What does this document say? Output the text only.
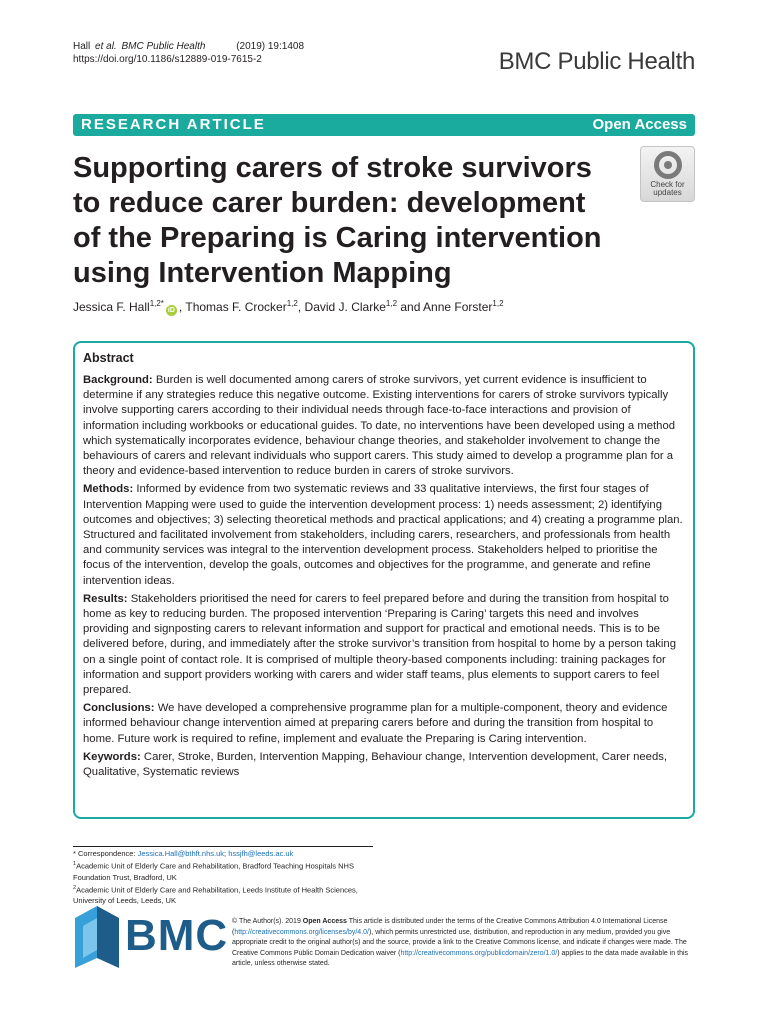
Hall et al. BMC Public Health	(2019) 19:1408
https://doi.org/10.1186/s12889-019-7615-2	BMC Public Health
RESEARCH ARTICLE	Open Access
Supporting carers of stroke survivors to reduce carer burden: development of the Preparing is Caring intervention using Intervention Mapping
Check for
updates
Jessica F. Hall$^{1,2*}$iD , Thomas F. Crocker$^{1,2}$, David J. Clarke$^{1,2}$ and Anne Forster$^{1,2}$
Abstract

Background: Burden is well documented among carers of stroke survivors, yet current evidence is insufficient to determine if any strategies reduce this negative outcome. Existing interventions for carers of stroke survivors typically involve supporting carers according to their individual needs through face-to-face interactions and provision of information including workbooks or educational guides. To date, no interventions have been developed using a method which systematically incorporates evidence, behaviour change theories, and stakeholder involvement to change the behaviours of carers and relevant individuals who support carers. This study aimed to develop a programme plan for a theory and evidence-based intervention to reduce burden in carers of stroke survivors.

Methods: Informed by evidence from two systematic reviews and 33 qualitative interviews, the first four stages of Intervention Mapping were used to guide the intervention development process: 1) needs assessment; 2) identifying outcomes and objectives; 3) selecting theoretical methods and practical applications; and 4) creating a programme plan. Structured and facilitated involvement from stakeholders, including carers, researchers, and professionals from health and community services was integral to the intervention development process. Stakeholders helped to prioritise the focus of the intervention, develop the goals, outcomes and objectives for the programme, and generate and refine intervention ideas.

Results: Stakeholders prioritised the need for carers to feel prepared before and during the transition from hospital to home as key to reducing burden. The proposed intervention ‘Preparing is Caring’ targets this need and involves providing and signposting carers to relevant information and support for practical and emotional needs. This is to be delivered before, during, and immediately after the stroke survivor’s transition from hospital to home by a person taking on a single point of contact role. It is comprised of multiple theory-based components including: training packages for information and support providers working with carers and wider staff teams, plus elements to support carers to feel prepared.

Conclusions: We have developed a comprehensive programme plan for a multiple-component, theory and evidence informed behaviour change intervention aimed at preparing carers before and during the transition from hospital to home. Future work is required to refine, implement and evaluate the Preparing is Caring intervention.

Keywords: Carer, Stroke, Burden, Intervention Mapping, Behaviour change, Intervention development, Carer needs, Qualitative, Systematic reviews

* Correspondence: Jessica.Hall@bthft.nhs.uk; hssjfh@leeds.ac.uk
$^1$Academic Unit of Elderly Care and Rehabilitation, Bradford Teaching Hospitals NHS Foundation Trust, Bradford, UK
$^2$Academic Unit of Elderly Care and Rehabilitation, Leeds Institute of Health Sciences, University of Leeds, Leeds, UK
BMC © The Author(s). 2019 Open Access This article is distributed under the terms of the Creative Commons Attribution 4.0 International License (http://creativecommons.org/licenses/by/4.0/), which permits unrestricted use, distribution, and reproduction in any medium, provided you give appropriate credit to the original author(s) and the source, provide a link to the Creative Commons license, and indicate if changes were made. The Creative Commons Public Domain Dedication waiver (http://creativecommons.org/publicdomain/zero/1.0/) applies to the data made available in this article, unless otherwise stated.
